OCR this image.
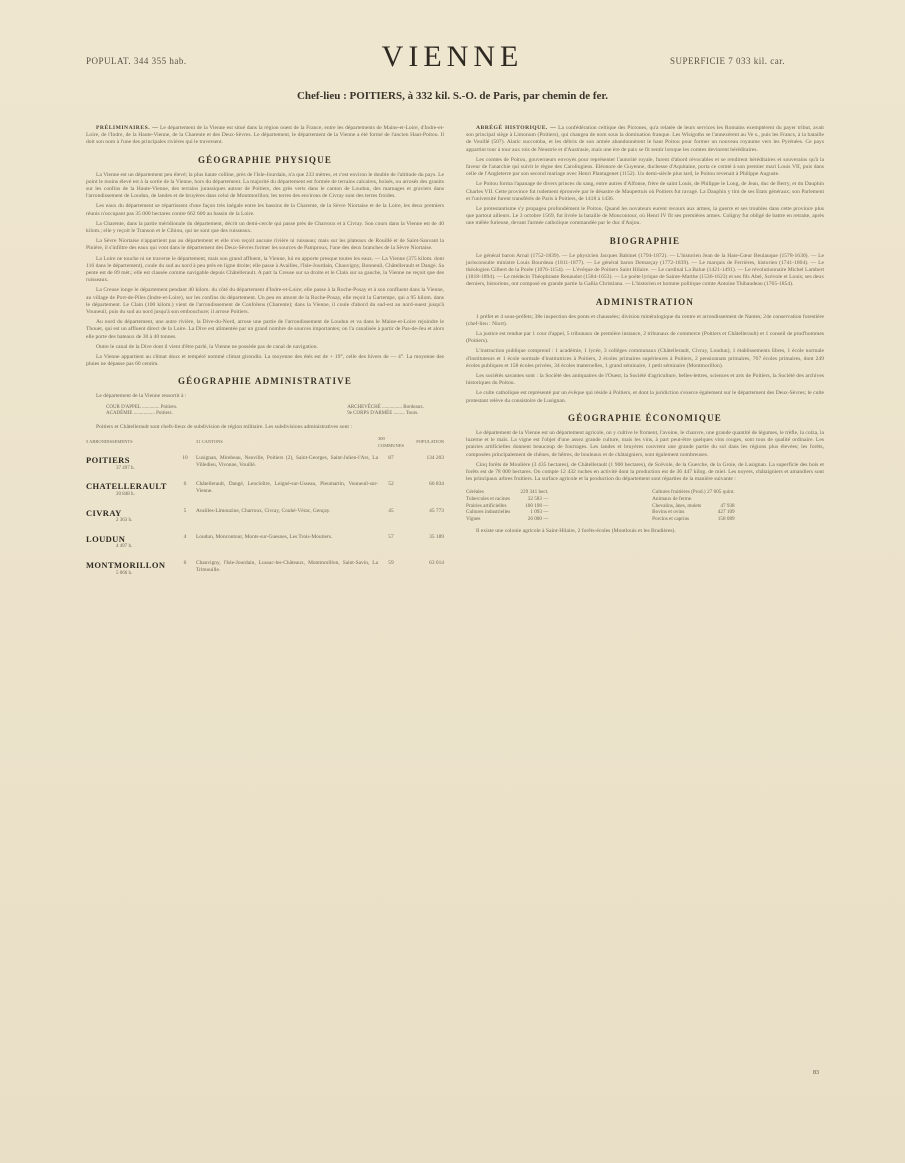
POPULAT. 344 355 hab.	VIENNE	SUPERFICIE 7 033 kil. car.
Chef-lieu : POITIERS, à 332 kil. S.-O. de Paris, par chemin de fer.

PRÉLIMINAIRES. — Le département de la Vienne est situé dans la région ouest de la France, entre les départements de Maine-et-Loire, d'Indre-et-Loire, de l'Indre, de la Haute-Vienne, de la Charente et des Deux-Sèvres. Le département, le département de la Vienne a été formé de l'ancien Haut-Poitou. Il doit son nom à l'une des principales rivières qui le traversent.

GÉOGRAPHIE PHYSIQUE

La Vienne est un département peu élevé; la plus haute colline, près de l'Isle-Jourdain, n'a que 233 mètres, et c'est environ le double de l'altitude du pays. Le point le moins élevé est à la sortie de la Vienne, hors du département. La majorité du département est formée de terrains calcaires, boisés, ou arrosés des granits sur les confins de la Haute-Vienne, des terrains jurassiques autour de Poitiers, des grès verts dans le canton de Loudun, des marnages et graviers dans l'arrondissement de Loudun, de landes et de bruyères dans celui de Montmorillon; les terres des environs de Civray sont des terres froides.

Les eaux du département se répartissent d'une façon très inégale entre les bassins de la Charente, de la Sèvre Niortaise et de la Loire, les deux premiers réunis n'occupant pas 35 000 hectares contre 662 600 au bassin de la Loire.

La Charente, dans la partie méridionale du département, décrit un demi-cercle qui passe près de Charroux et à Civray. Son cours dans la Vienne est de 40 kilom.; elle y reçoit le Transon et le Cibiou, qui ne sont que des ruisseaux.

La Sèvre Niortaise n'appartient pas au département et elle n'en reçoit aucune rivière ni ruisseau; mais sur les plateaux de Rouillé et de Saint-Sauvant la Pinière, il s'infiltre des eaux qui vont dans le département des Deux-Sèvres former les sources de Pamproux, l'une des deux branches de la Sèvre Niortaise.

La Loire ne touche ni ne traverse le département, mais son grand affluent, la Vienne, lui en apporte presque toutes les eaux. — La Vienne (375 kilom. dont 116 dans le département), coule du sud au nord à peu près en ligne droite; elle passe à Availles, l'Isle-Jourdain, Chauvigny, Bonneuil, Châtellerault et Dangé. Sa pente est de 89 mèt.; elle est classée comme navigable depuis Châtellerault. A part la Creuse sur sa droite et le Clain sur sa gauche, la Vienne ne reçoit que des ruisseaux.

La Creuse longe le département pendant 40 kilom. du côté du département d'Indre-et-Loire; elle passe à la Roche-Posay et à son confluent dans la Vienne, au village de Port-de-Piles (Indre-et-Loire), sur les confins du département. Un peu en amont de la Roche-Posay, elle reçoit la Gartempe, qui a 95 kilom. dans le département. Le Clain (100 kilom.) vient de l'arrondissement de Confolens (Charente); dans la Vienne, il coule d'abord du sud-est au nord-ouest jusqu'à Vouneuil, puis du sud au nord jusqu'à son embouchure; il arrose Poitiers.

Au nord du département, une autre rivière, la Dive-du-Nord, arrose une partie de l'arrondissement de Loudun et va dans le Maine-et-Loire rejoindre le Thouet, qui est un affluent direct de la Loire. La Dive est alimentée par un grand nombre de sources importantes; on l'a canalisée à partir de Pas-de-Jeu et alors elle porte des bateaux de 30 à 40 tonnes.

Outre le canal de la Dive dont il vient d'être parlé, la Vienne ne possède pas de canal de navigation.

La Vienne appartient au climat doux et tempéré nommé climat girondin. La moyenne des étés est de + 19°, celle des hivers de — 4°. La moyenne des pluies ne dépasse pas 60 centim.

GÉOGRAPHIE ADMINISTRATIVE

Le département de la Vienne ressortit à :

COUR D'APPEL .............. Poitiers.
ACADÉMIE ................. Poitiers.
ARCHEVÊCHÉ ................ Bordeaux.
9e CORPS D'ARMÉE ......... Tours.

Poitiers et Châtellerault sont chefs-lieux de subdivision de région militaire. Les subdivisions administratives sont :

5 ARRONDISSEMENTS		31 CANTONS	300 COMMUNES	POPULATION
POITIERS
37 497 h.	10	Lusignan, Mirebeau, Neuville, Poitiers (2), Saint-Georges, Saint-Julien-l'Ars, La Villedieu, Vivonne, Vouillé.	87	134 203
CHATELLERAULT
20 848 h.	6	Châtellerault, Dangé, Lencloître, Leigné-sur-Usseau, Pleumartin, Vouneuil-sur-Vienne.	52	66 834
CIVRAY
2 363 h.	5	Availles-Limouzine, Charroux, Civray, Couhé-Vérac, Gençay.	45	45 773
LOUDUN
4 497 h.	4	Loudun, Moncontour, Monts-sur-Guesnes, Les Trois-Moutiers.	57	35 189
MONTMORILLON
5 066 h.	6	Chauvigny, l'Isle-Jourdain, Lussac-les-Châteaux, Montmorillon, Saint-Savin, La Trimouille.	59	63 014

ABRÉGÉ HISTORIQUE. — La confédération celtique des Pictones, qu'a relatée de leurs services les Romains exemptèrent du payer tribut, avait son principal siège à Limonum (Poitiers), qui changea de nom sous la domination franque. Les Wisigoths se l'annexèrent au Ve s., puis les Francs, à la bataille de Vouillé (507). Alaric succomba, et les débris de son armée abandonnèrent le haut Poitou pour former un nouveau royaume vers les Pyrénées. Ce pays appartint tour à tour aux rois de Neustrie et d'Austrasie, mais une ère de paix se fit sentir lorsque les comtes devinrent héréditaires.

Les comtes de Poitou, gouverneurs envoyés pour représenter l'autorité royale, furent d'abord révocables et se rendirent héréditaires et souverains qu'à la faveur de l'anarchie qui suivit le règne des Carolingiens. Eléonore de Guyenne, duchesse d'Aquitaine, porta ce comté à son premier mari Louis VII, puis dans celle de l'Angleterre par son second mariage avec Henri Plantagenet (1152). Un demi-siècle plus tard, le Poitou revenait à Philippe Auguste.

Le Poitou forma l'apanage de divers princes du sang, entre autres d'Alfonse, frère de saint Louis, de Philippe le Long, de Jean, duc de Berry, et du Dauphin Charles VII. Cette province fut rudement éprouvée par le désastre de Maupertuis où Poitiers fut ravagé. La Dauphin y tint de ses Etats généraux; son Parlement et l'université furent transférés de Paris à Poitiers, de 1418 à 1436.

Le protestantisme s'y propagea profondément le Poitou. Quand les novateurs eurent recours aux armes, la guerre et ses troubles dans cette province plus que partout ailleurs. Le 3 octobre 1569, fut livrée la bataille de Moncontour, où Henri IV fit ses premières armes. Coligny fut obligé de battre en retraite, après une mêlée furieuse, devant l'armée catholique commandée par le duc d'Anjou.

BIOGRAPHIE

Le général baron Arnal (1752-1839). — Le physicien Jacques Babinet (1794-1872). — L'historien Jean de la Haie-Cœur Beulauque (1578-1630). — Le jurisconsulte ministre Louis Bourdeau (1811-1877). — Le général baron Demarçay (1772-1839). — Le marquis de Ferrières, historien (1741-1804). — Le théologien Gilbert de la Porée (1076-1154). — L'évêque de Poitiers Saint Hilaire. — Le cardinal La Balue (1421-1491). — Le révolutionnaire Michel Lambert (1818-1894). — Le médecin Théophraste Renaudot (1584-1653). — Le poète lyrique de Sainte-Marthe (1536-1623) et ses fils Abel, Scévole et Louis; ses deux derniers, historiens, ont composé en grande partie la Gallia Christiana. — L'historien et homme politique comte Antoine Thibaudeau (1765-1854).

ADMINISTRATION

1 préfet et 4 sous-préfets; 38e inspection des ponts et chaussées; division minéralogique du centre et arrondissement de Nantes; 24e conservation forestière (chef-lieu : Niort).

La justice est rendue par 1 cour d'appel, 5 tribunaux de première instance, 2 tribunaux de commerce (Poitiers et Châtellerault) et 1 conseil de prud'hommes (Poitiers).

L'instruction publique comprend : 1 académie, 1 lycée, 3 collèges communaux (Châtellerault, Civray, Loudun), 1 établissements libres, 1 école normale d'instituteurs et 1 école normale d'institutrices à Poitiers, 2 écoles primaires supérieures à Poitiers, 2 pensionnats primaires, 767 écoles primaires, dont 249 écoles publiques et 158 écoles privées, 34 écoles maternelles, 1 grand séminaire, 1 petit séminaire (Montmorillon).

Les sociétés savantes sont : la Société des antiquaires de l'Ouest, la Société d'agriculture, belles-lettres, sciences et arts de Poitiers, la Société des archives historiques du Poitou.

Le culte catholique est représenté par un évêque qui réside à Poitiers, et dont la juridiction s'exerce également sur le département des Deux-Sèvres; le culte protestant relève du consistoire de Lusignan.

GÉOGRAPHIE ÉCONOMIQUE

Le département de la Vienne est un département agricole, on y cultive le froment, l'avoine, le chanvre, une grande quantité de légumes, le trèfle, la colza, la luzerne et le maïs. La vigne est l'objet d'une assez grande culture, mais les vins, à part peut-être quelques vins rouges, sont tous de qualité ordinaire. Les prairies artificielles donnent beaucoup de fourrages. Les landes et bruyères couvrent une grande partie du sol dans les régions plus élevées; les forêts, composées principalement de chênes, de hêtres, de bouleaux et de châtaigniers, sont également nombreuses.

Cinq forêts de Moulière (3 435 hectares), de Châtellerault (1 900 hectares), de Scévole, de la Guerche, de la Groie, de Lusignan. La superficie des bois et forêts est de 78 000 hectares. On compte 12 432 ruches en activité dont la production est de 36 447 kilog. de miel. Les noyers, châtaigniers et amandiers sont les principaux arbres fruitiers. La surface agricole et la production du département sont réparties de la manière suivante :

Céréales	229 341 hect.
Tubercules et racines	32 583 —
Prairies artificielles	100 198 —
Cultures industrielles	1 093 —
Vignes	26 000 —
Cultures fruitières (Prod.) 27 005 quint.
Animaux de ferme.
Chevalins, ânes, mulets	47 938
Bovins et ovins	427 109
Porcins et caprins	158 089

Il existe une colonie agricole à Saint-Hilaire, 2 forêts-écoles (Montlouis et les Bradières).

83
